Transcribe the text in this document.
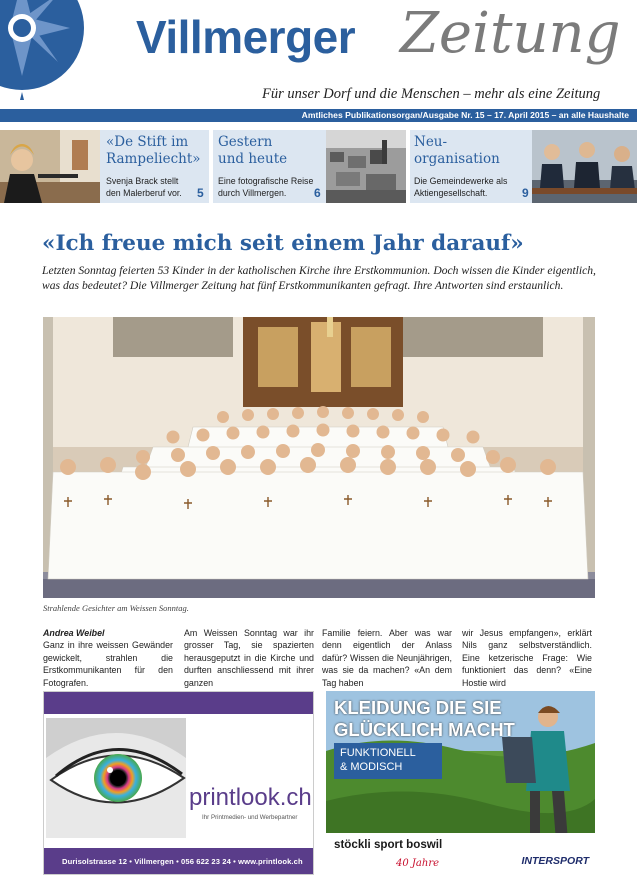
Villmerger Zeitung
Für unser Dorf und die Menschen – mehr als eine Zeitung
Amtliches Publikationsorgan/Ausgabe Nr. 15 – 17. April 2015 – an alle Haushalte
«De Stift im
Rampeliecht»
Svenja Brack stellt
den Malerberuf vor. 5
Gestern
und heute
Eine fotografische Reise
durch Villmergen.	6
Neu-
organisation
Die Gemeindewerke als
Aktiengesellschaft.	9
«Ich freue mich seit einem Jahr darauf»
Letzten Sonntag feierten 53 Kinder in der katholischen Kirche ihre Erstkommunion. Doch wissen die Kinder eigentlich, was das bedeutet? Die Villmerger Zeitung hat fünf Erstkommunikanten gefragt. Ihre Antworten sind erstaunlich.
Strahlende Gesichter am Weissen Sonntag.
Andrea Weibel
Ganz in ihre weissen Gewänder gewickelt, strahlen die Erstkommunikanten für den Fotografen.
Am Weissen Sonntag war ihr grosser Tag, sie spazierten herausgeputzt in die Kirche und durften anschliessend mit ihrer ganzen
Familie feiern. Aber was war denn eigentlich der Anlass dafür? Wissen die Neunjährigen, was sie da machen? «An dem Tag haben
wir Jesus empfangen», erklärt Nils ganz selbstverständlich. Eine ketzerische Frage: Wie funktioniert das denn? «Eine Hostie wird
printlook.ch
Ihr Printmedien- und Werbepartner
Durisolstrasse 12 • Villmergen • 056 622 23 24 • www.printlook.ch
KLEIDUNG DIE SIE
GLÜCKLICH MACHT
FUNKTIONELL
& MODISCH
stöckli sport boswil
40 Jahre	INTERSPORT
